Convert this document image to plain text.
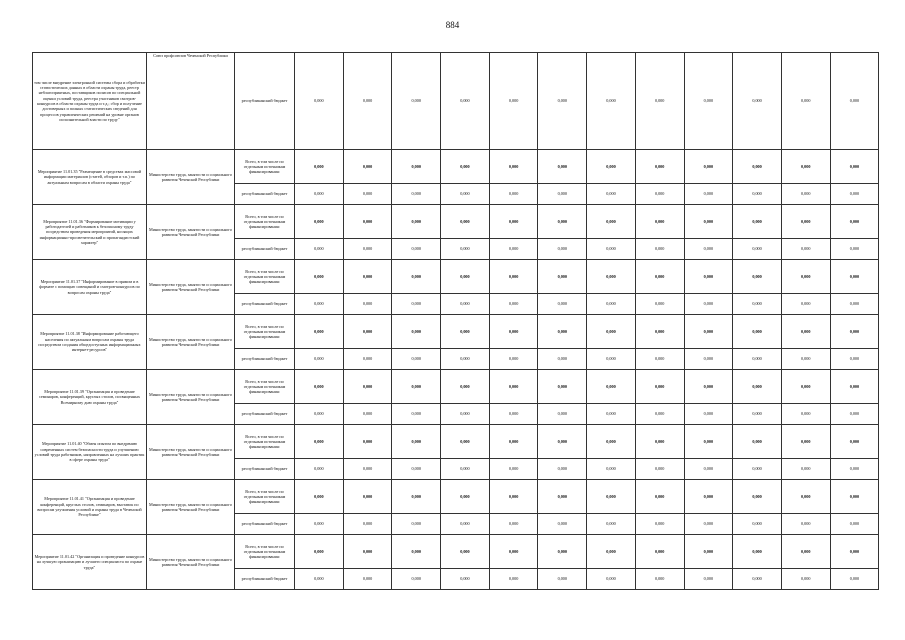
884
том числе внедрение электронной системы сбора и обработки статистических данных в области охраны труда, реестр неблагоприятных, поставщиков полисов по специальной оценки условий труда, реестра участников смотров-конкурсов в области охраны труда и т.д.; сбор и получение достоверных и полных статистических сведений для процессов управленческих решений на уровне органов исполнительной власти по труду"	Союз профсоюзов Чеченской Республики	республиканский бюджет	0,000	0,000	0,000	0,000	0,000	0,000	0,000	0,000	0,000	0,000	0,000	0,000
Мероприятие 11.01.35 "Размещение в средствах массовой информации материалов (статей, обзоров и т.п.) по актуальным вопросам в области охраны труда"	Министерство труда, занятости и социального развития Чеченской Республики	Всего, в том числе по отдельным источникам финансирования:	0,000	0,000	0,000	0,000	0,000	0,000	0,000	0,000	0,000	0,000	0,000	0,000
		республиканский бюджет	0,000	0,000	0,000	0,000	0,000	0,000	0,000	0,000	0,000	0,000	0,000	0,000
Мероприятие 11.01.36 "Формирование мотивации у работодателей и работников к безопасному труду посредством проведения мероприятий, носящих информационно-просветительский и пропагандистский характер"	Министерство труда, занятости и социального развития Чеченской Республики	Всего, в том числе по отдельным источникам финансирования:	0,000	0,000	0,000	0,000	0,000	0,000	0,000	0,000	0,000	0,000	0,000	0,000
		республиканский бюджет	0,000	0,000	0,000	0,000	0,000	0,000	0,000	0,000	0,000	0,000	0,000	0,000
Мероприятие 11.01.37 "Информирование в прямом и в формате с помощью совещаний и смотров-конкурсов по вопросам охраны труда"	Министерство труда, занятости и социального развития Чеченской Республики	Всего, в том числе по отдельным источникам финансирования:	0,000	0,000	0,000	0,000	0,000	0,000	0,000	0,000	0,000	0,000	0,000	0,000
		республиканский бюджет	0,000	0,000	0,000	0,000	0,000	0,000	0,000	0,000	0,000	0,000	0,000	0,000
Мероприятие 11.01.38 "Информирование работающего населения по актуальным вопросам охраны труда посредством создания общедоступных информационных интернет-ресурсов"	Министерство труда, занятости и социального развития Чеченской Республики	Всего, в том числе по отдельным источникам финансирования:	0,000	0,000	0,000	0,000	0,000	0,000	0,000	0,000	0,000	0,000	0,000	0,000
		республиканский бюджет	0,000	0,000	0,000	0,000	0,000	0,000	0,000	0,000	0,000	0,000	0,000	0,000
Мероприятие 11.01.39 "Организация и проведение семинаров, конференций, круглых столов, посвященных Всемирному дню охраны труда"	Министерство труда, занятости и социального развития Чеченской Республики	Всего, в том числе по отдельным источникам финансирования:	0,000	0,000	0,000	0,000	0,000	0,000	0,000	0,000	0,000	0,000	0,000	0,000
		республиканский бюджет	0,000	0,000	0,000	0,000	0,000	0,000	0,000	0,000	0,000	0,000	0,000	0,000
Мероприятие 11.01.40 "Обмен опытом по внедрению современных систем безопасности труда и улучшению условий труда работников, направленных на лучших практик в сфере охраны труда"	Министерство труда, занятости и социального развития Чеченской Республики	Всего, в том числе по отдельным источникам финансирования:	0,000	0,000	0,000	0,000	0,000	0,000	0,000	0,000	0,000	0,000	0,000	0,000
		республиканский бюджет	0,000	0,000	0,000	0,000	0,000	0,000	0,000	0,000	0,000	0,000	0,000	0,000
Мероприятие 11.01.41 "Организация и проведение конференций, круглых столов, семинаров, выставок по вопросам улучшения условий и охраны труда в Чеченской Республике"	Министерство труда, занятости и социального развития Чеченской Республики	Всего, в том числе по отдельным источникам финансирования:	0,000	0,000	0,000	0,000	0,000	0,000	0,000	0,000	0,000	0,000	0,000	0,000
		республиканский бюджет	0,000	0,000	0,000	0,000	0,000	0,000	0,000	0,000	0,000	0,000	0,000	0,000
Мероприятие 11.01.42 "Организация и проведение конкурсов на лучшую организацию и лучшего специалиста по охране труда"	Министерство труда, занятости и социального развития Чеченской Республики	Всего, в том числе по отдельным источникам финансирования:	0,000	0,000	0,000	0,000	0,000	0,000	0,000	0,000	0,000	0,000	0,000	0,000
		республиканский бюджет	0,000	0,000	0,000	0,000	0,000	0,000	0,000	0,000	0,000	0,000	0,000	0,000
